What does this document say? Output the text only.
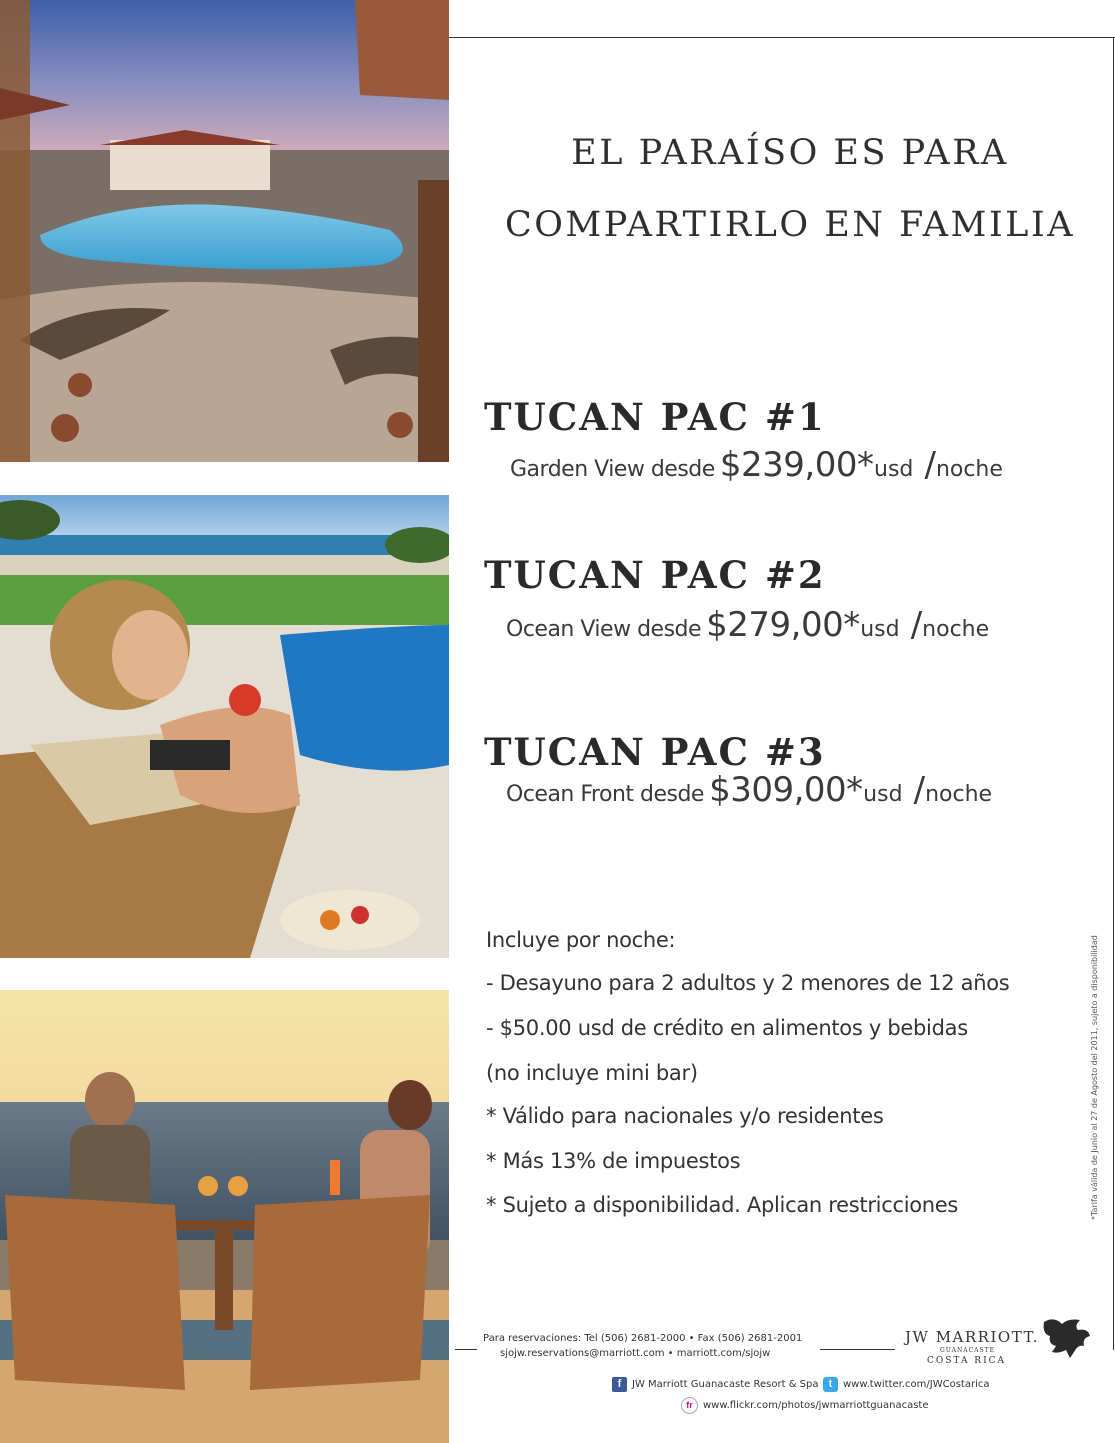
EL PARAÍSO ES PARA
COMPARTIRLO EN FAMILIA
TUCAN PAC #1
Garden View desde $239,00*usd /noche
TUCAN PAC #2
Ocean View desde $279,00*usd /noche
TUCAN PAC #3
Ocean Front desde $309,00*usd /noche
Incluye por noche:
- Desayuno para 2 adultos y 2 menores de 12 años
- $50.00 usd de crédito en alimentos y bebidas
(no incluye mini bar)
* Válido para nacionales y/o residentes
* Más 13% de impuestos
* Sujeto a disponibilidad. Aplican restricciones	*Tarifa válida de Junio al 27 de Agosto del 2011, sujeto a disponibilidad
Para reservaciones: Tel (506) 2681-2000 • Fax (506) 2681-2001
sjojw.reservations@marriott.com • marriott.com/sjojw
JW MARRIOTT.
GUANACASTE
COSTA RICA
f	JW Marriott Guanacaste Resort & Spa t	www.twitter.com/JWCostarica
fr	www.flickr.com/photos/jwmarriottguanacaste
